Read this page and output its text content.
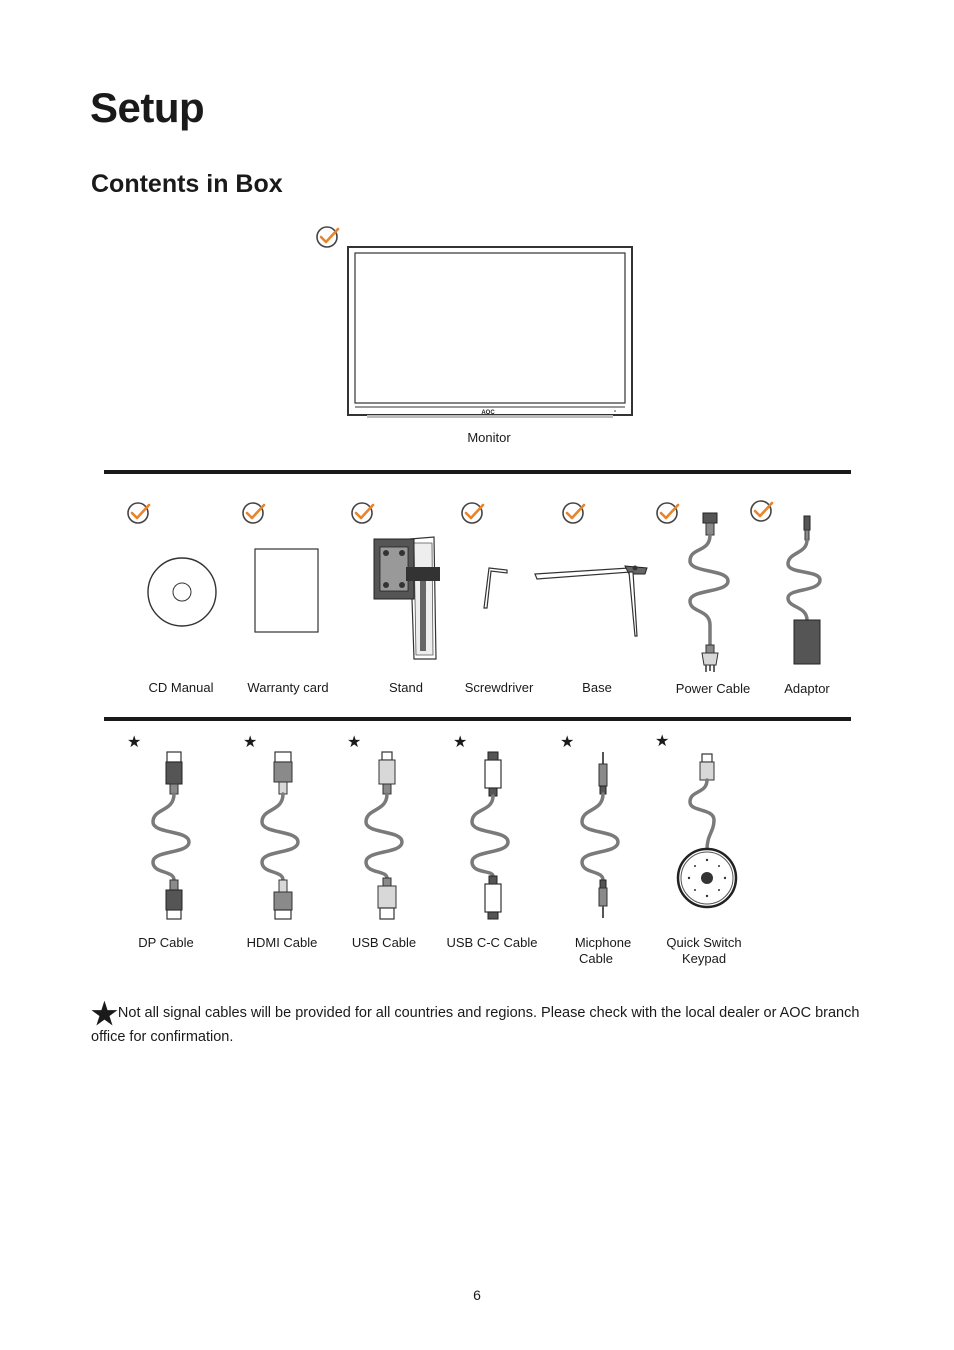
Setup
Contents in Box
AOC
Monitor
CD Manual	Warranty card	Stand	Screwdriver	Base	Power Cable	Adaptor
★	★	★	★	★	★
DP Cable	HDMI Cable	USB Cable	USB C-C Cable	Micphone
Cable
Quick Switch
Keypad

★Not all signal cables will be provided for all countries and regions. Please check with the local dealer or AOC branch office for confirmation.

6
